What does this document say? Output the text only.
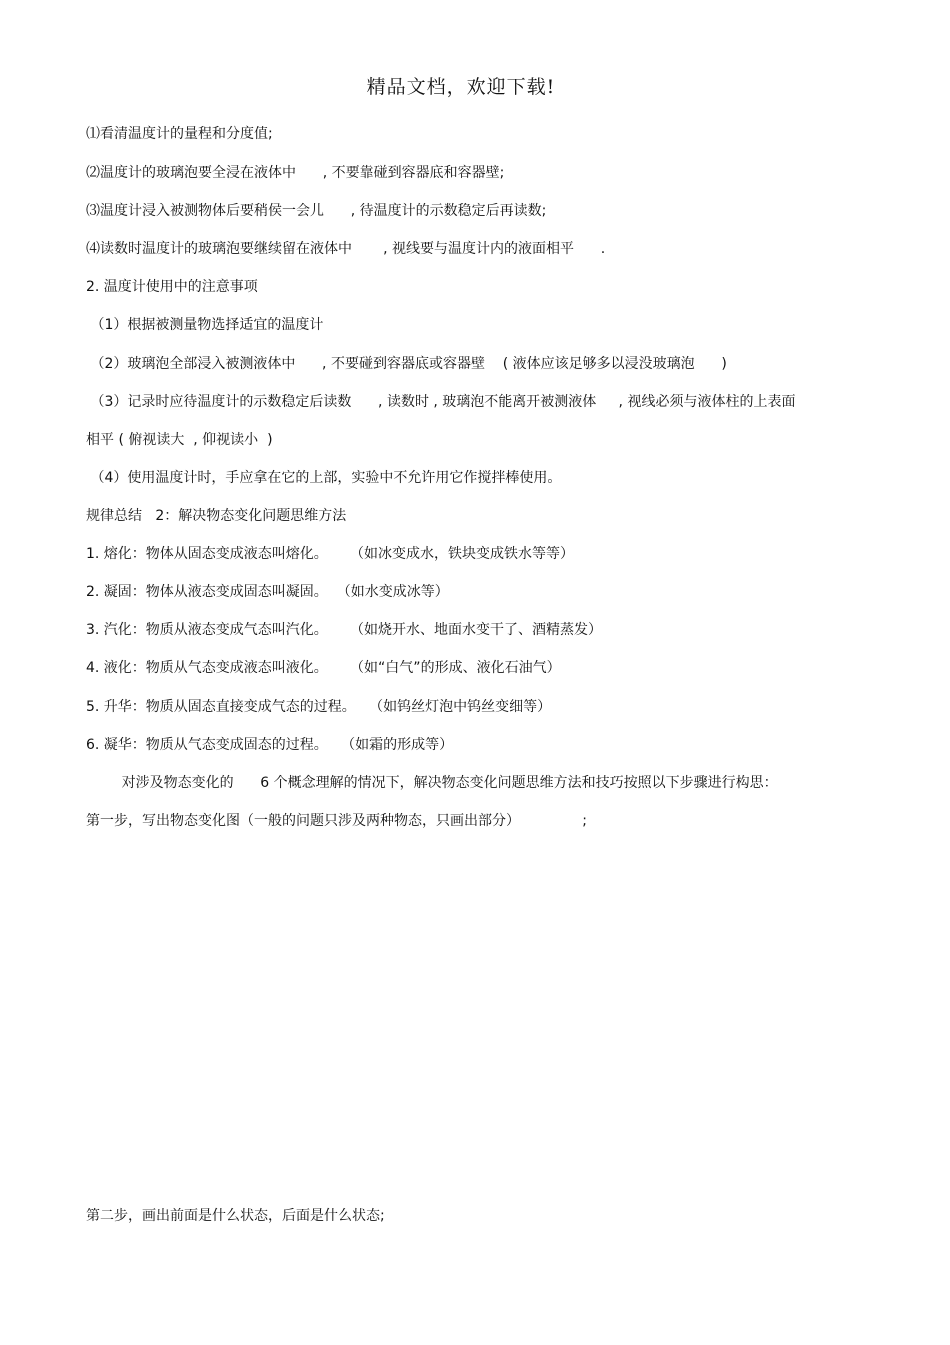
精品文档，欢迎下载!
⑴看清温度计的量程和分度值;
⑵温度计的玻璃泡要全浸在液体中      , 不要靠碰到容器底和容器壁;
⑶温度计浸入被测物体后要稍侯一会儿      , 待温度计的示数稳定后再读数;
⑷读数时温度计的玻璃泡要继续留在液体中       , 视线要与温度计内的液面相平      .
2. 温度计使用中的注意事项
（1）根据被测量物选择适宜的温度计
（2）玻璃泡全部浸入被测液体中      , 不要碰到容器底或容器壁    ( 液体应该足够多以浸没玻璃泡      )
（3）记录时应待温度计的示数稳定后读数      , 读数时 , 玻璃泡不能离开被测液体     , 视线必须与液体柱的上表面
相平 ( 俯视读大  , 仰视读小  )
（4）使用温度计时，手应拿在它的上部，实验中不允许用它作搅拌棒使用。
规律总结   2：解决物态变化问题思维方法
1. 熔化：物体从固态变成液态叫熔化。     （如冰变成水，铁块变成铁水等等）
2. 凝固：物体从液态变成固态叫凝固。  （如水变成冰等）
3. 汽化：物质从液态变成气态叫汽化。     （如烧开水、地面水变干了、酒精蒸发）
4. 液化：物质从气态变成液态叫液化。     （如“白气”的形成、液化石油气）
5. 升华：物质从固态直接变成气态的过程。   （如钨丝灯泡中钨丝变细等）
6. 凝华：物质从气态变成固态的过程。   （如霜的形成等）
对涉及物态变化的      6 个概念理解的情况下，解决物态变化问题思维方法和技巧按照以下步骤进行构思：
第一步，写出物态变化图（一般的问题只涉及两种物态，只画出部分）              ;
第二步，画出前面是什么状态，后面是什么状态;
